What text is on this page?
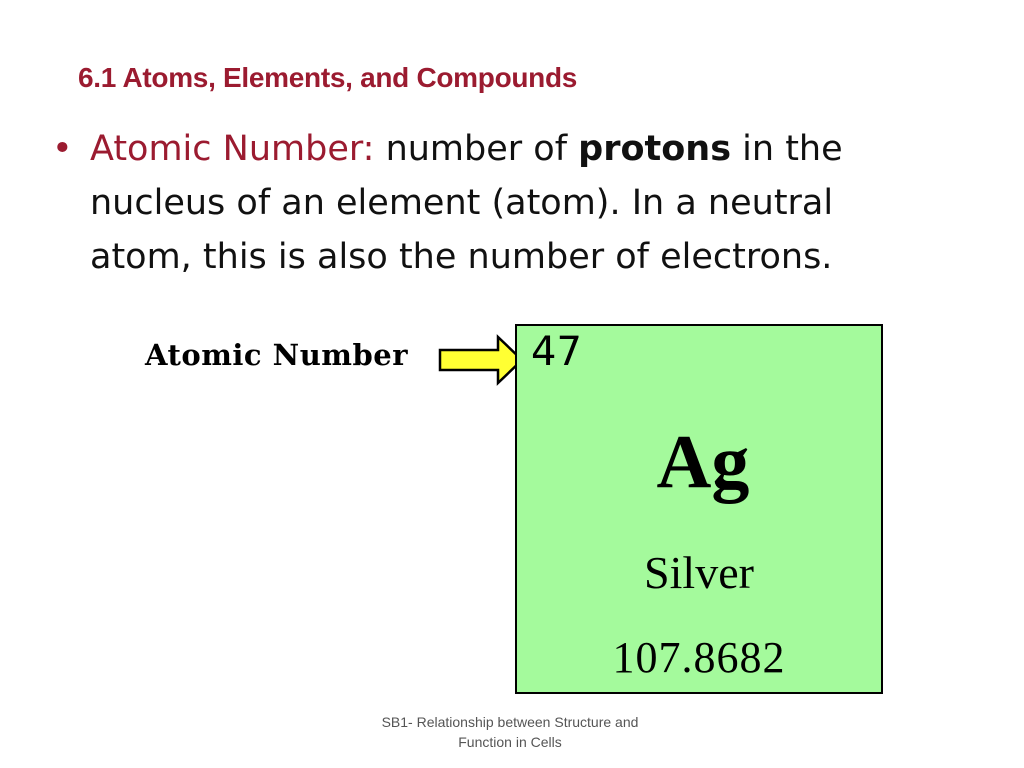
6.1 Atoms, Elements, and Compounds
• Atomic Number: number of protons in the nucleus of an element (atom). In a neutral atom, this is also the number of electrons.
Atomic Number	47
Ag
Silver
107.8682
SB1- Relationship between Structure and
Function in Cells
